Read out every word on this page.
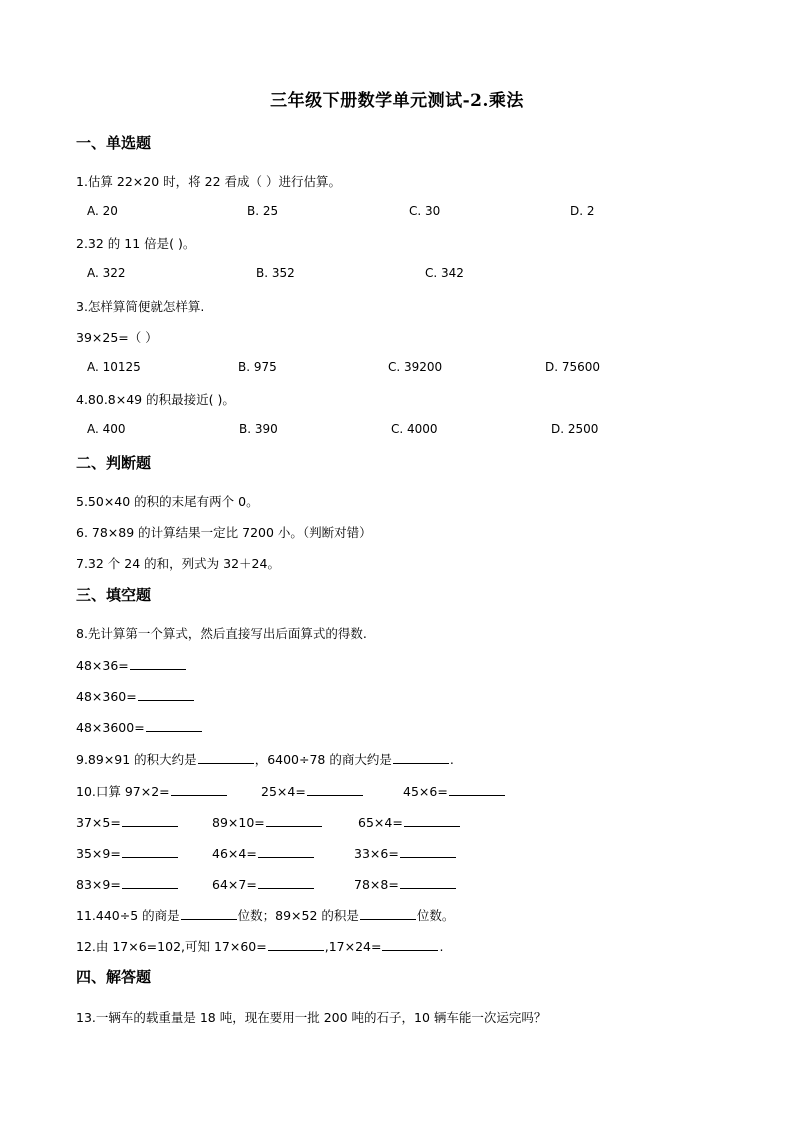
三年级下册数学单元测试-2.乘法
一、单选题
1.估算 22×20 时，将 22 看成（ ）进行估算。
A. 20	B. 25	C. 30	D. 2
2.32 的 11 倍是( )。
A. 322	B. 352	C. 342
3.怎样算简便就怎样算.
39×25=（ ）
A. 10125	B. 975	C. 39200	D. 75600
4.80.8×49 的积最接近( )。
A. 400	B. 390	C. 4000	D. 2500
二、判断题
5.50×40 的积的末尾有两个 0。
6. 78×89 的计算结果一定比 7200 小。（判断对错）
7.32 个 24 的和，列式为 32＋24。
三、填空题
8.先计算第一个算式，然后直接写出后面算式的得数.
48×36=
48×360=
48×3600=
9.89×91 的积大约是	，6400÷78 的商大约是	.
10.口算 97×2=	25×4=	45×6=
37×5=	89×10=	65×4=
35×9=	46×4=	33×6=
83×9=	64×7=	78×8=
11.440÷5 的商是	位数；89×52 的积是	位数。
12.由 17×6=102,可知 17×60=	,17×24=	.
四、解答题
13.一辆车的载重量是 18 吨，现在要用一批 200 吨的石子，10 辆车能一次运完吗？
